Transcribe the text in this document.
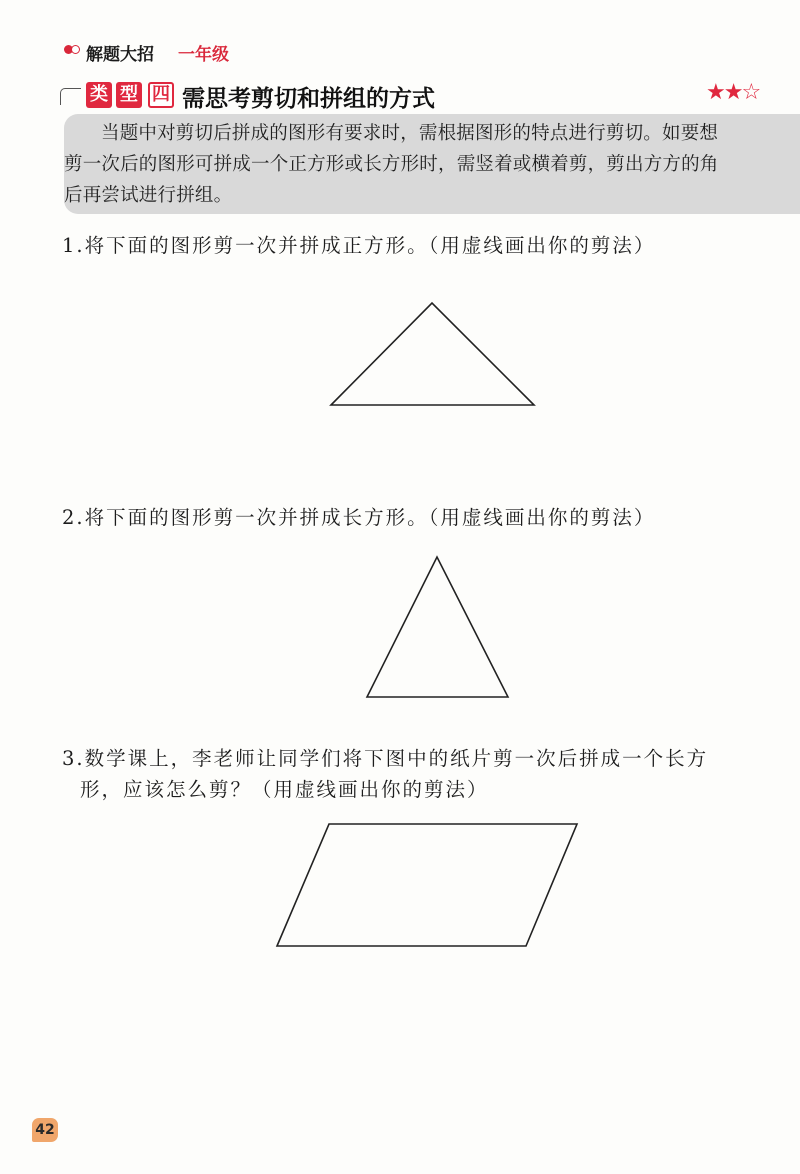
解题大招 一年级
类 型 四 需思考剪切和拼组的方式	★★☆
当题中对剪切后拼成的图形有要求时，需根据图形的特点进行剪切。如要想
剪一次后的图形可拼成一个正方形或长方形时，需竖着或横着剪，剪出方方的角
后再尝试进行拼组。
1.将下面的图形剪一次并拼成正方形。（用虚线画出你的剪法）
2.将下面的图形剪一次并拼成长方形。（用虚线画出你的剪法）
3.数学课上，李老师让同学们将下图中的纸片剪一次后拼成一个长方
形，应该怎么剪？（用虚线画出你的剪法）
42
